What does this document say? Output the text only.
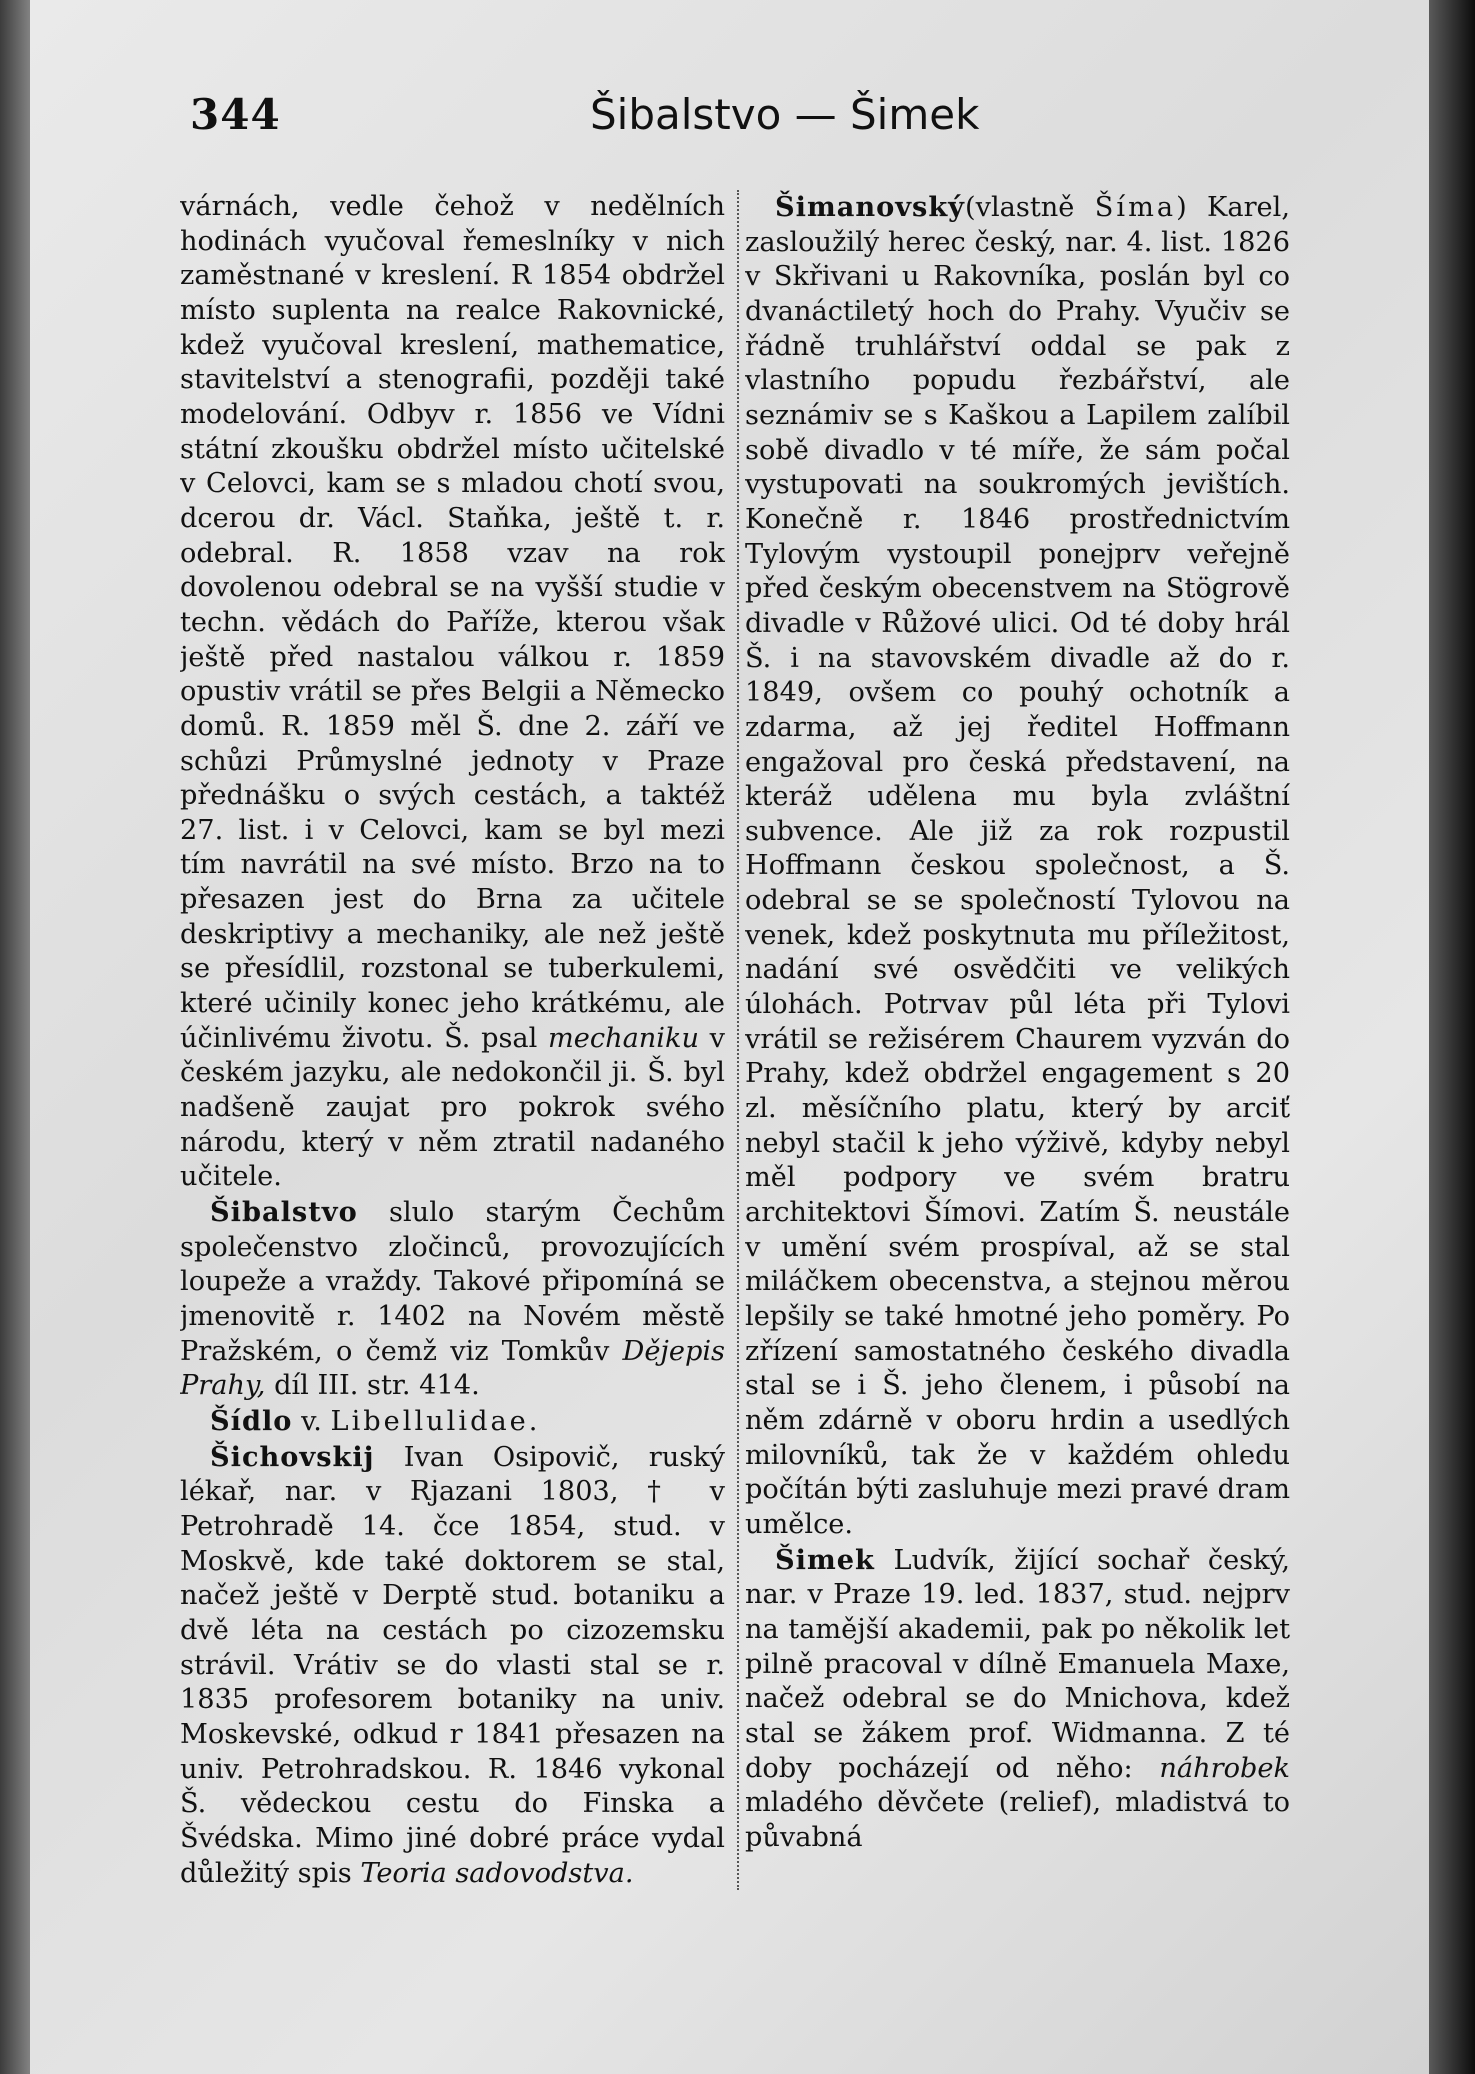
344	Šibalstvo — Šimek

várnách, vedle čehož v nedělních hodinách vyučoval řemeslníky v nich zaměstnané v kreslení. R 1854 obdržel místo suplenta na realce Rakovnické, kdež vyučoval kreslení, mathematice, stavitelství a stenografii, později také modelování. Odbyv r. 1856 ve Vídni státní zkoušku obdržel místo učitelské v Celovci, kam se s mladou chotí svou, dcerou dr. Václ. Staňka, ještě t. r. odebral. R. 1858 vzav na rok dovolenou odebral se na vyšší studie v techn. vědách do Paříže, kterou však ještě před nastalou válkou r. 1859 opustiv vrátil se přes Belgii a Německo domů. R. 1859 měl Š. dne 2. září ve schůzi Průmyslné jednoty v Praze přednášku o svých cestách, a taktéž 27. list. i v Celovci, kam se byl mezi tím navrátil na své místo. Brzo na to přesazen jest do Brna za učitele deskriptivy a mechaniky, ale než ještě se přesídlil, rozstonal se tuberkulemi, které učinily konec jeho krátkému, ale účinlivému životu. Š. psal mechaniku v českém jazyku, ale nedokončil ji. Š. byl nadšeně zaujat pro pokrok svého národu, který v něm ztratil nadaného učitele.

Šibalstvo slulo starým Čechům společenstvo zločinců, provozujících loupeže a vraždy. Takové připomíná se jmenovitě r. 1402 na Novém městě Pražském, o čemž viz Tomkův Dějepis Prahy, díl III. str. 414.

Šídlo v. Libellulidae.

Šichovskij Ivan Osipovič, ruský lékař, nar. v Rjazani 1803, † v Petrohradě 14. čce 1854, stud. v Moskvě, kde také doktorem se stal, načež ještě v Derptě stud. botaniku a dvě léta na cestách po cizozemsku strávil. Vrátiv se do vlasti stal se r. 1835 profesorem botaniky na univ. Moskevské, odkud r 1841 přesazen na univ. Petrohradskou. R. 1846 vykonal Š. vědeckou cestu do Finska a Švédska. Mimo jiné dobré práce vydal důležitý spis Teoria sadovodstva.

Šimanovský(vlastně Šíma) Karel, zasloužilý herec český, nar. 4. list. 1826 v Skřivani u Rakovníka, poslán byl co dvanáctiletý hoch do Prahy. Vyučiv se řádně truhlářství oddal se pak z vlastního popudu řezbářství, ale seznámiv se s Kaškou a Lapilem zalíbil sobě divadlo v té míře, že sám počal vystupovati na soukromých jevištích. Konečně r. 1846 prostřednictvím Tylovým vystoupil ponejprv veřejně před českým obecenstvem na Stögrově divadle v Růžové ulici. Od té doby hrál Š. i na stavovském divadle až do r. 1849, ovšem co pouhý ochotník a zdarma, až jej ředitel Hoffmann engažoval pro česká představení, na kteráž udělena mu byla zvláštní subvence. Ale již za rok rozpustil Hoffmann českou společnost, a Š. odebral se se společností Tylovou na venek, kdež poskytnuta mu příležitost, nadání své osvědčiti ve velikých úlohách. Potrvav půl léta při Tylovi vrátil se režisérem Chaurem vyzván do Prahy, kdež obdržel engagement s 20 zl. měsíčního platu, který by arciť nebyl stačil k jeho výživě, kdyby nebyl měl podpory ve svém bratru architektovi Šímovi. Zatím Š. neustále v umění svém prospíval, až se stal miláčkem obecenstva, a stejnou měrou lepšily se také hmotné jeho poměry. Po zřízení samostatného českého divadla stal se i Š. jeho členem, i působí na něm zdárně v oboru hrdin a usedlých milovníků, tak že v každém ohledu počítán býti zasluhuje mezi pravé dram umělce.

Šimek Ludvík, žijící sochař český, nar. v Praze 19. led. 1837, stud. nejprv na tamější akademii, pak po několik let pilně pracoval v dílně Emanuela Maxe, načež odebral se do Mnichova, kdež stal se žákem prof. Widmanna. Z té doby pocházejí od něho: náhrobek mladého děvčete (relief), mladistvá to půvabná
